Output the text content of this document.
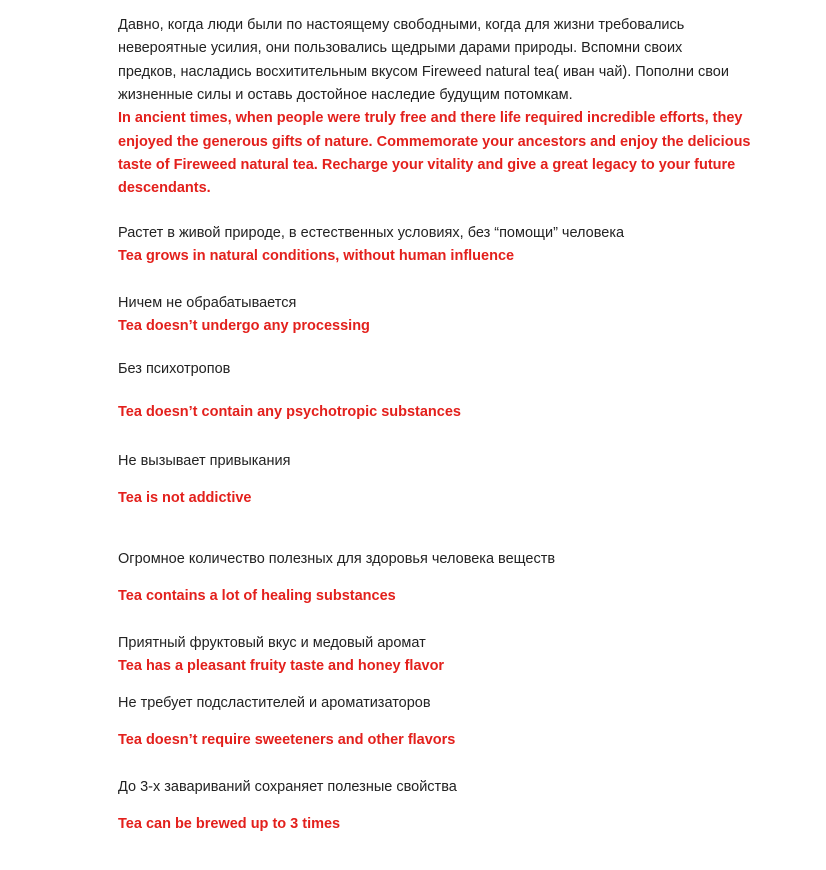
Давно, когда люди были по настоящему свободными, когда для жизни требовались
невероятные усилия, они пользовались щедрыми дарами природы. Вспомни своих
предков, насладись восхитительным вкусом Fireweed natural tea( иван чай). Пополни свои
жизненные силы и оставь достойное наследие будущим потомкам.
In ancient times, when people were truly free and there life required incredible efforts, they
enjoyed the generous gifts of nature. Commemorate your ancestors and enjoy the delicious
taste of Fireweed natural tea. Recharge your vitality and give a great legacy to your future
descendants.
Растет в живой природе, в естественных условиях, без “помощи” человека
Tea grows in natural conditions, without human influence
Ничем не обрабатывается
Tea doesn’t undergo any processing
Без психотропов
Tea doesn’t contain any psychotropic substances
Не вызывает привыкания
Tea is not addictive
Огромное количество полезных для здоровья человека веществ
Tea contains a lot of healing substances
Приятный фруктовый вкус и медовый аромат
Tea has a pleasant fruity taste and honey flavor
Не требует подсластителей и ароматизаторов
Tea doesn’t require sweeteners and other flavors
До 3-х завариваний сохраняет полезные свойства
Tea can be brewed up to 3 times
